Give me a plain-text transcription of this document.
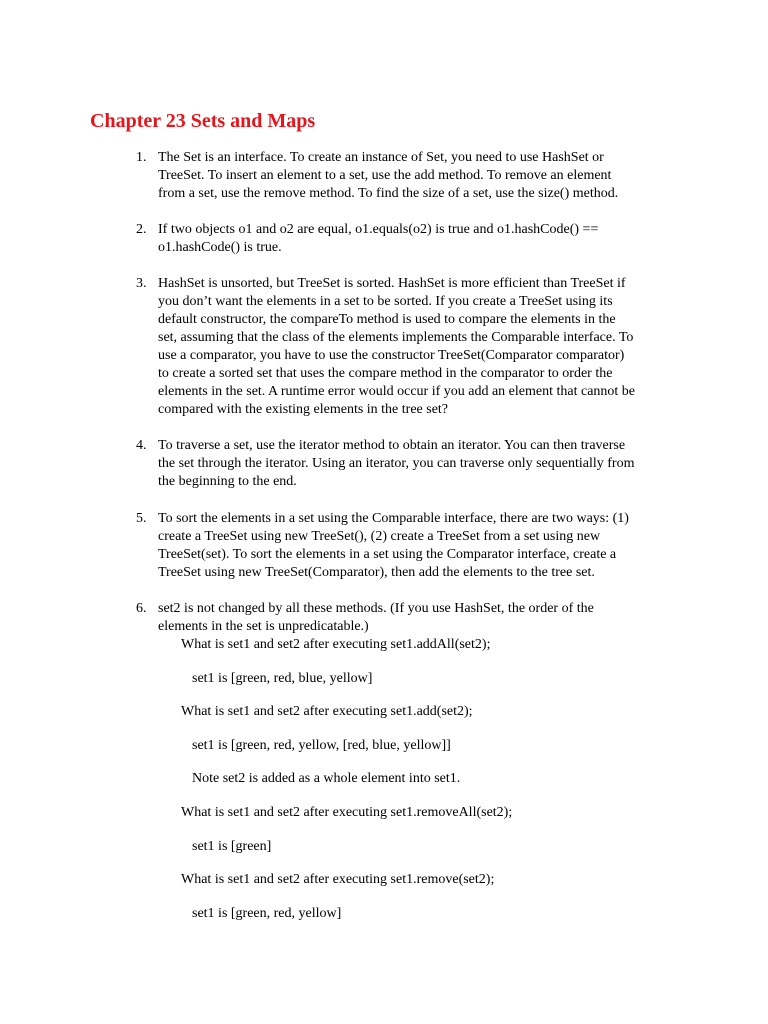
Chapter 23 Sets and Maps
1. The Set is an interface. To create an instance of Set, you need to use HashSet or
TreeSet. To insert an element to a set, use the add method. To remove an element
from a set, use the remove method. To find the size of a set, use the size() method.
2. If two objects o1 and o2 are equal, o1.equals(o2) is true and o1.hashCode() ==
o1.hashCode() is true.
3. HashSet is unsorted, but TreeSet is sorted. HashSet is more efficient than TreeSet if
you don’t want the elements in a set to be sorted. If you create a TreeSet using its
default constructor, the compareTo method is used to compare the elements in the
set, assuming that the class of the elements implements the Comparable interface. To
use a comparator, you have to use the constructor TreeSet(Comparator comparator)
to create a sorted set that uses the compare method in the comparator to order the
elements in the set. A runtime error would occur if you add an element that cannot be
compared with the existing elements in the tree set?
4. To traverse a set, use the iterator method to obtain an iterator. You can then traverse
the set through the iterator. Using an iterator, you can traverse only sequentially from
the beginning to the end.
5. To sort the elements in a set using the Comparable interface, there are two ways: (1)
create a TreeSet using new TreeSet(), (2) create a TreeSet from a set using new
TreeSet(set). To sort the elements in a set using the Comparator interface, create a
TreeSet using new TreeSet(Comparator), then add the elements to the tree set.
6. set2 is not changed by all these methods. (If you use HashSet, the order of the
elements in the set is unpredicatable.)
What is set1 and set2 after executing set1.addAll(set2);
set1 is [green, red, blue, yellow]
What is set1 and set2 after executing set1.add(set2);
set1 is [green, red, yellow, [red, blue, yellow]]
Note set2 is added as a whole element into set1.
What is set1 and set2 after executing set1.removeAll(set2);
set1 is [green]
What is set1 and set2 after executing set1.remove(set2);
set1 is [green, red, yellow]
